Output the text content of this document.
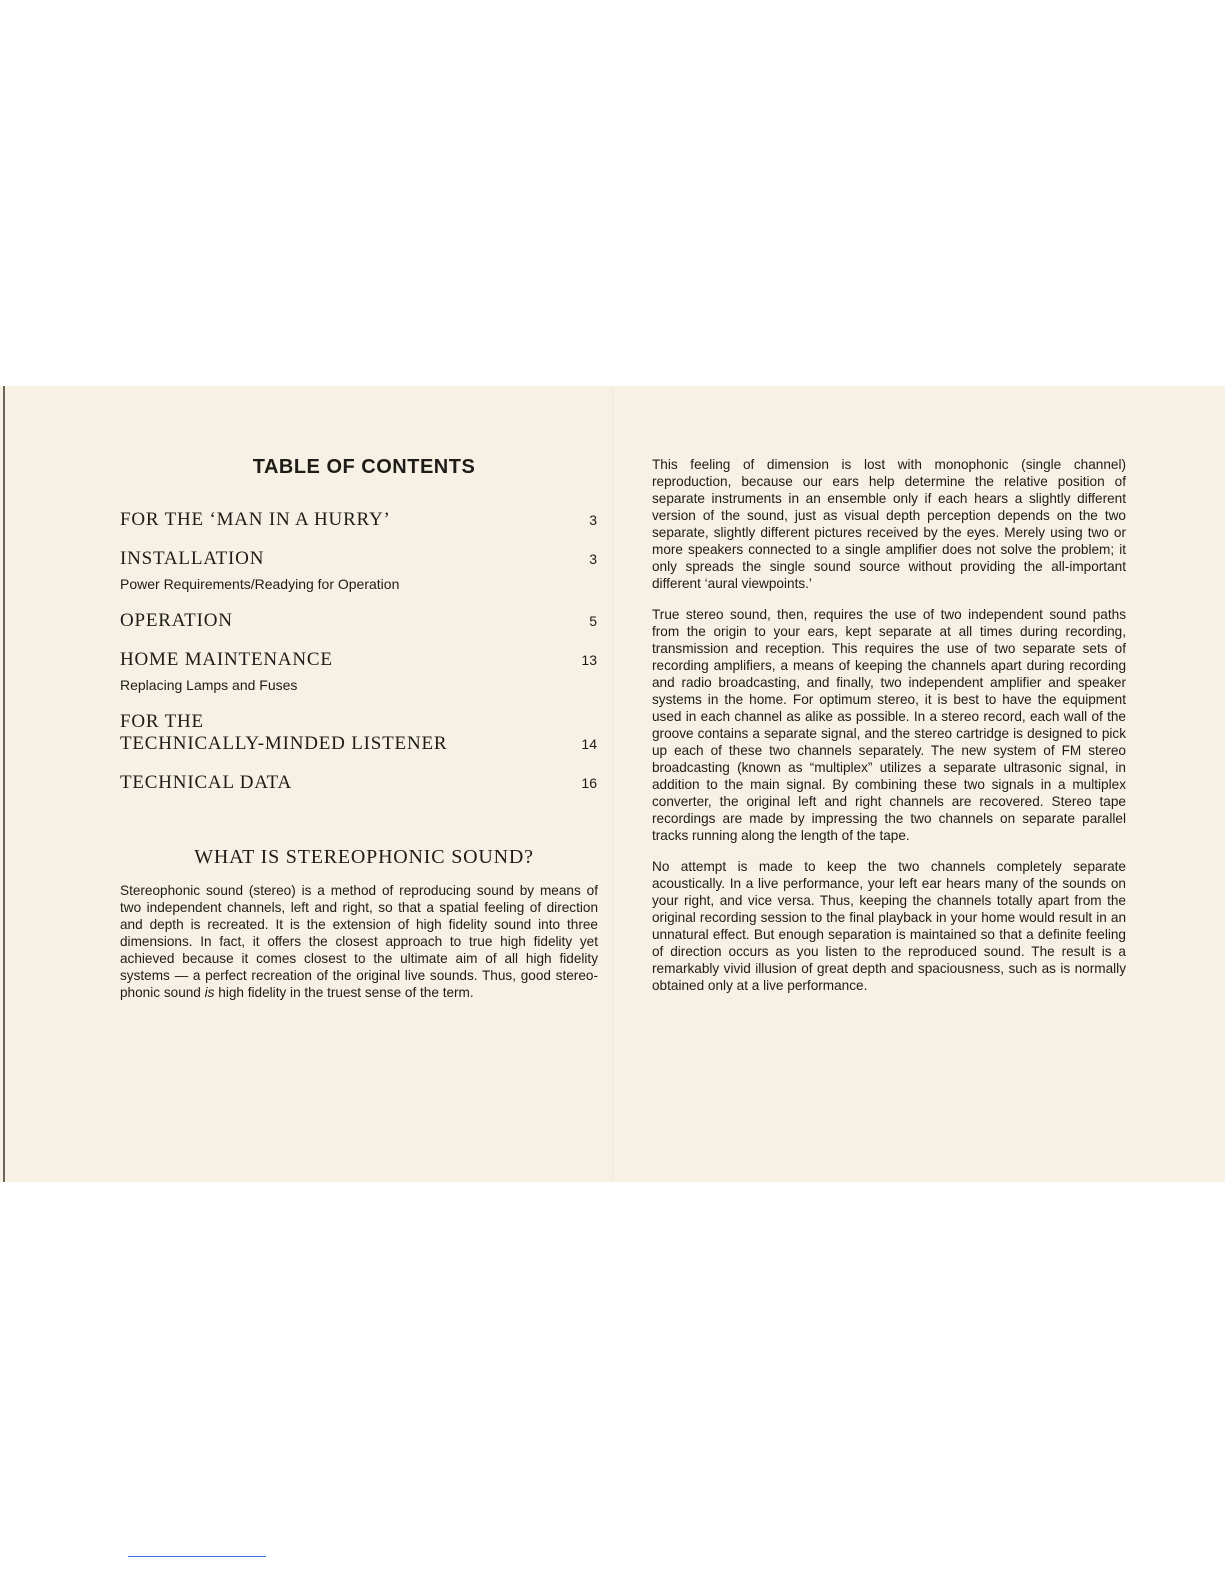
TABLE OF CONTENTS
FOR THE ‘MAN IN A HURRY’	3
INSTALLATION	3
Power Requirements/Readying for Operation
OPERATION	5
HOME MAINTENANCE	13
Replacing Lamps and Fuses
FOR THE
TECHNICALLY-MINDED LISTENER	14
TECHNICAL DATA	16
WHAT IS STEREOPHONIC SOUND?

Stereophonic sound (stereo) is a method of reproducing sound by means of two independent channels, left and right, so that a spatial feeling of direction and depth is recreated. It is the extension of high fidelity sound into three dimensions. In fact, it offers the closest approach to true high fidelity yet achieved because it comes closest to the ultimate aim of all high fidelity systems — a perfect recreation of the original live sounds. Thus, good stereophonic sound is high fidelity in the truest sense of the term.

This feeling of dimension is lost with monophonic (single channel) reproduction, because our ears help determine the relative position of separate instruments in an ensemble only if each hears a slightly different version of the sound, just as visual depth perception depends on the two separate, slightly different pictures received by the eyes. Merely using two or more speakers connected to a single amplifier does not solve the problem; it only spreads the single sound source without providing the all-important different ‘aural viewpoints.’

True stereo sound, then, requires the use of two independent sound paths from the origin to your ears, kept separate at all times during recording, transmission and reception. This requires the use of two separate sets of recording amplifiers, a means of keeping the channels apart during recording and radio broadcasting, and finally, two independent amplifier and speaker systems in the home. For optimum stereo, it is best to have the equipment used in each channel as alike as possible. In a stereo record, each wall of the groove contains a separate signal, and the stereo cartridge is designed to pick up each of these two channels separately. The new system of FM stereo broadcasting (known as “multiplex” utilizes a separate ultrasonic signal, in addition to the main signal. By combining these two signals in a multiplex converter, the original left and right channels are recovered. Stereo tape recordings are made by impressing the two channels on separate parallel tracks running along the length of the tape.

No attempt is made to keep the two channels completely separate acoustically. In a live performance, your left ear hears many of the sounds on your right, and vice versa. Thus, keeping the channels totally apart from the original recording session to the final playback in your home would result in an unnatural effect. But enough separation is maintained so that a definite feeling of direction occurs as you listen to the reproduced sound. The result is a remarkably vivid illusion of great depth and spaciousness, such as is normally obtained only at a live performance.
